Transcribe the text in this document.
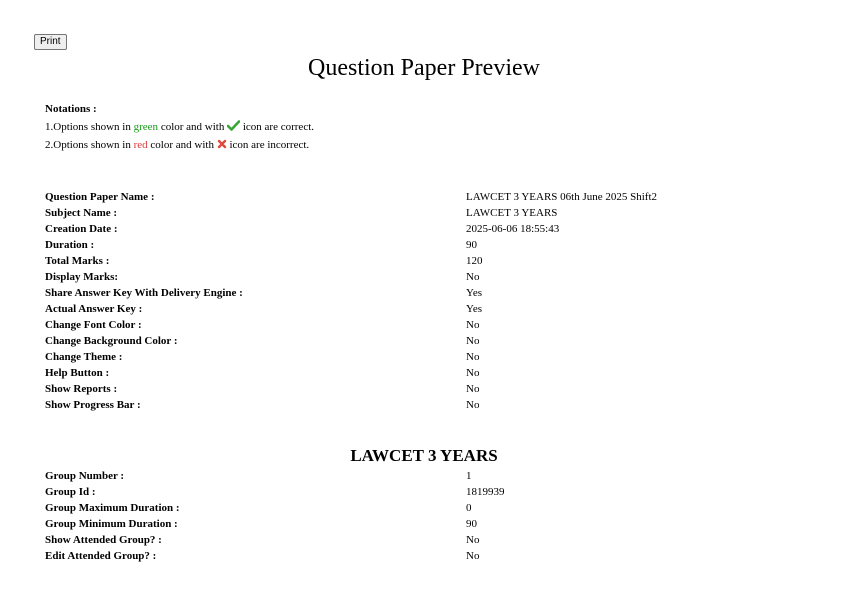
Print
Question Paper Preview
Notations :
1.Options shown in green color and with  icon are correct.
2.Options shown in red color and with  icon are incorrect.
Question Paper Name :	LAWCET 3 YEARS 06th June 2025 Shift2
Subject Name :	LAWCET 3 YEARS
Creation Date :	2025-06-06 18:55:43
Duration :	90
Total Marks :	120
Display Marks:	No
Share Answer Key With Delivery Engine :	Yes
Actual Answer Key :	Yes
Change Font Color :	No
Change Background Color :	No
Change Theme :	No
Help Button :	No
Show Reports :	No
Show Progress Bar :	No
LAWCET 3 YEARS
Group Number :	1
Group Id :	1819939
Group Maximum Duration :	0
Group Minimum Duration :	90
Show Attended Group? :	No
Edit Attended Group? :	No
